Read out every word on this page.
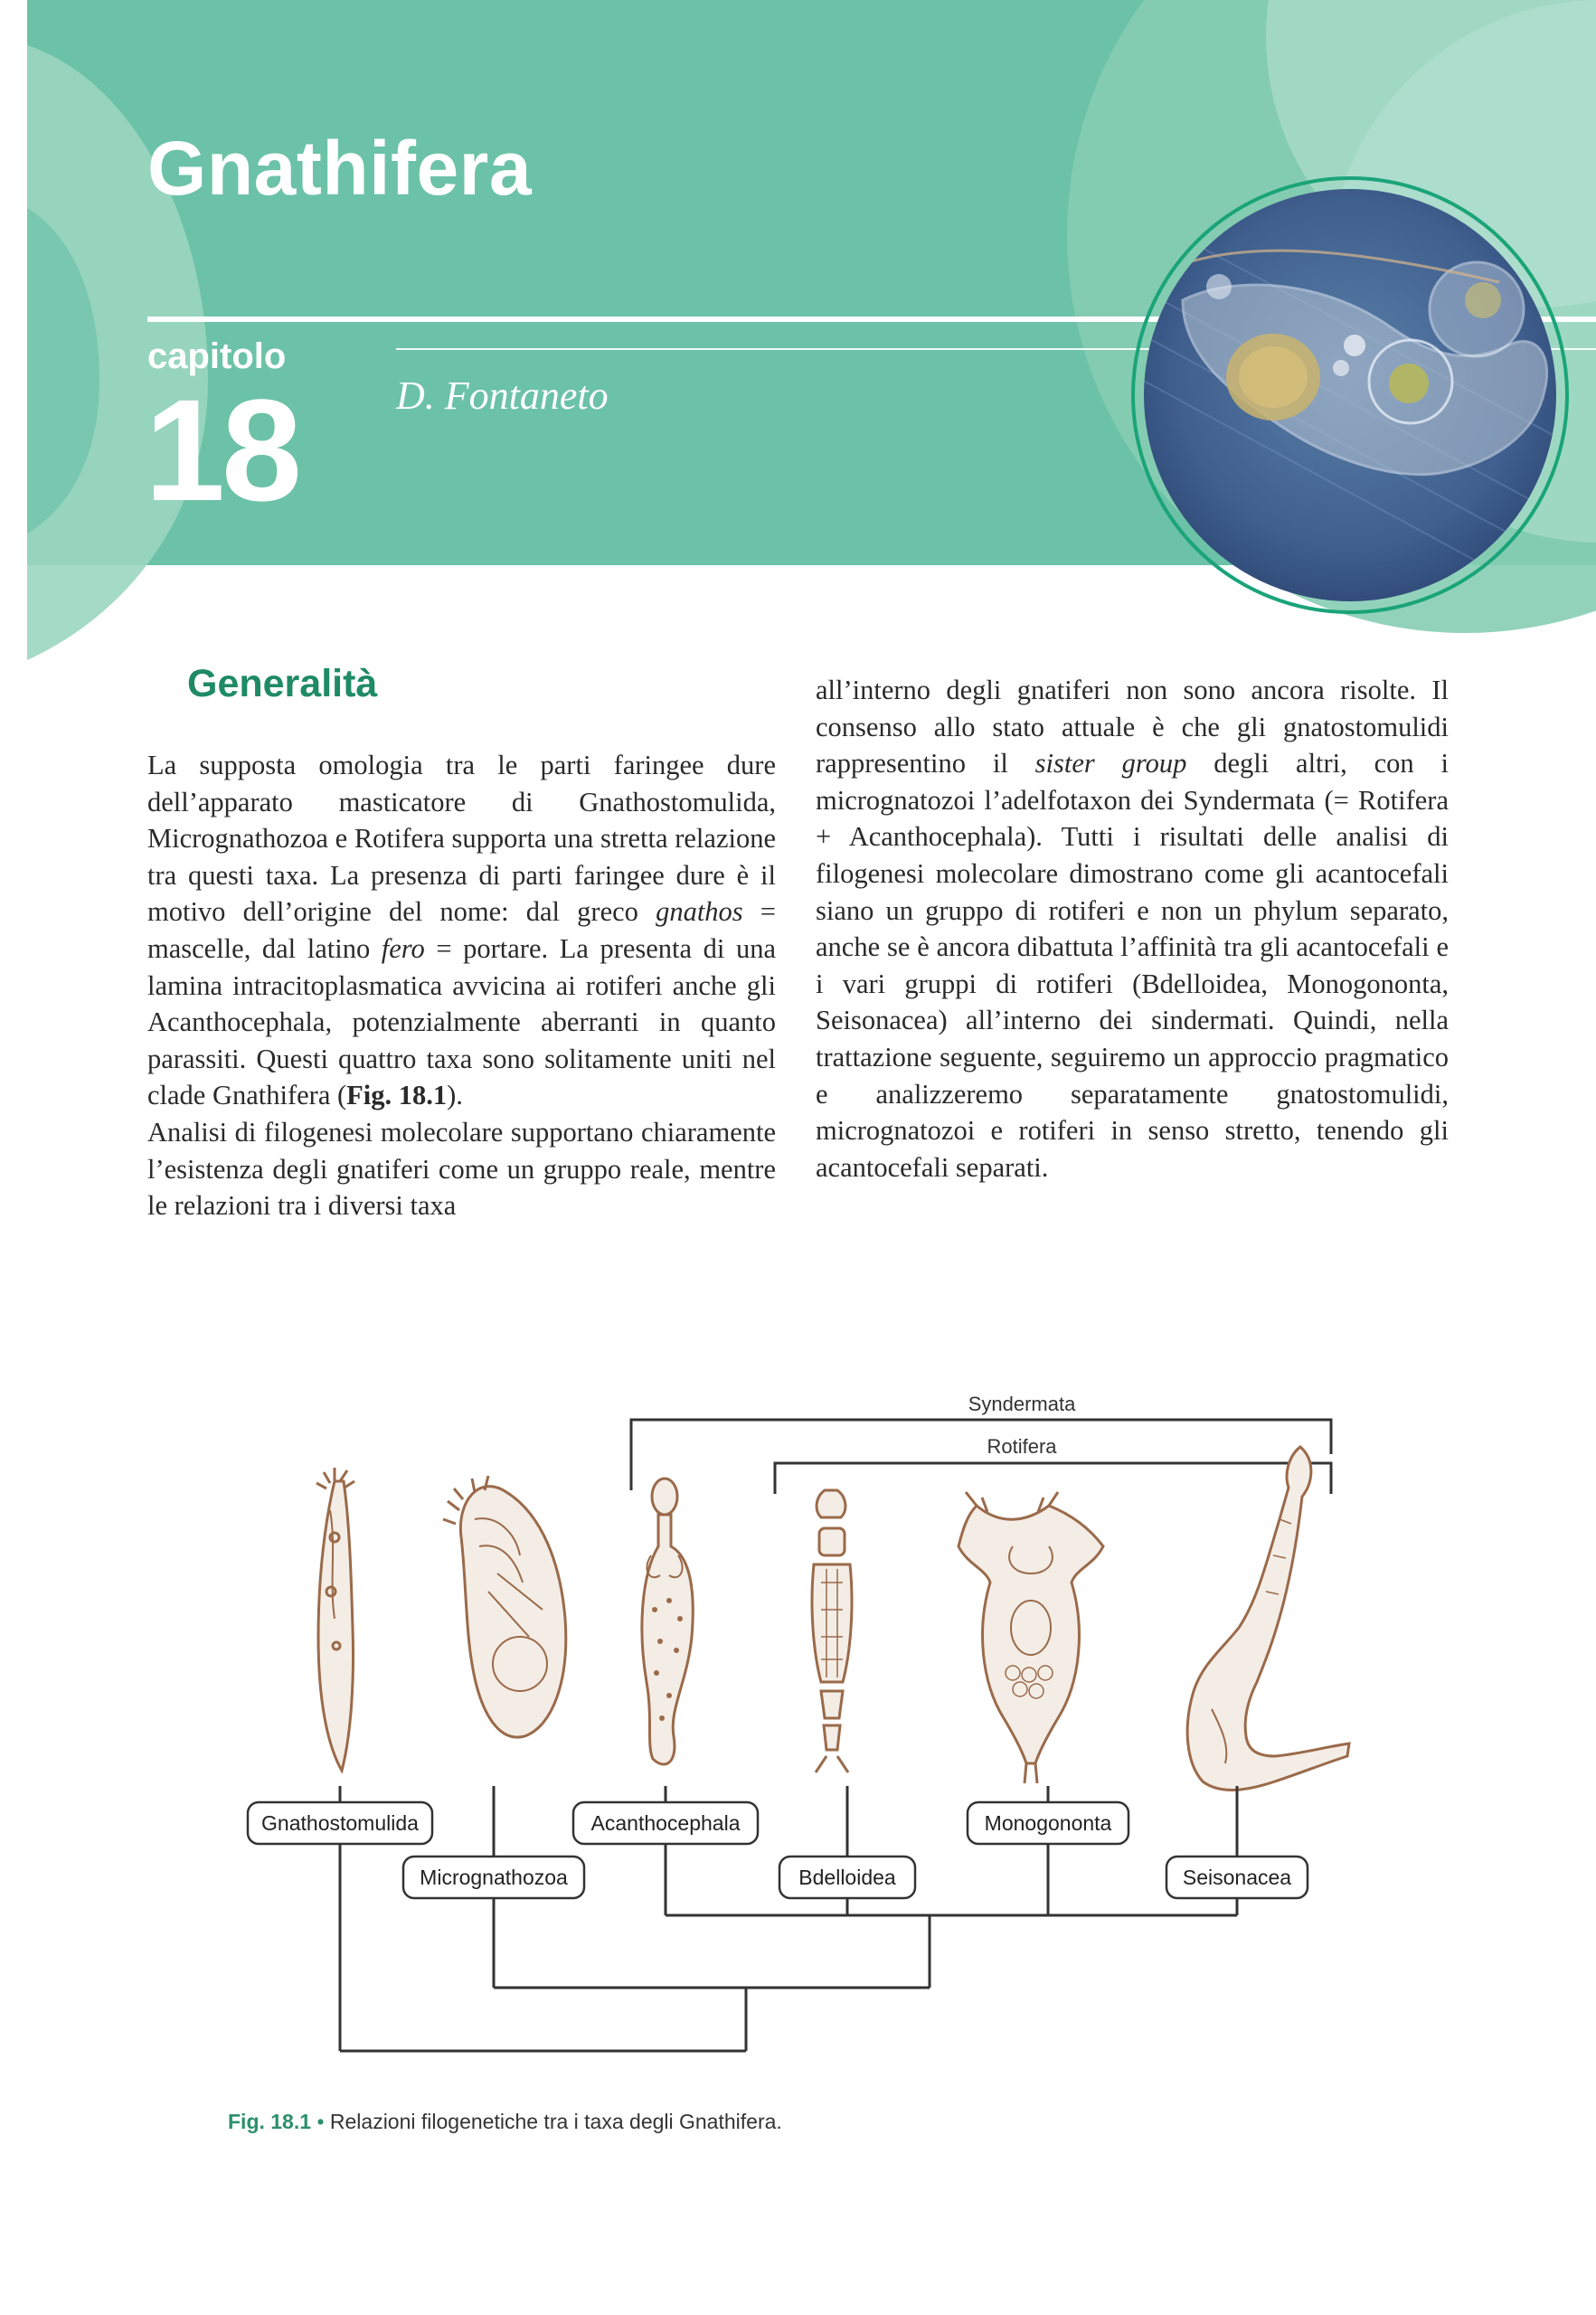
Gnathifera
capitolo
18 D. Fontaneto
Generalità

La supposta omologia tra le parti faringee dure dell’apparato masticatore di Gnathostomulida, Micrognathozoa e Rotifera supporta una stretta relazione tra questi taxa. La presenza di parti faringee dure è il motivo dell’origine del nome: dal greco gnathos = mascelle, dal latino fero = portare. La presenta di una lamina intracitoplasmatica avvicina ai rotiferi anche gli Acanthocephala, potenzialmente aberranti in quanto parassiti. Questi quattro taxa sono solitamente uniti nel clade Gnathifera (Fig. 18.1).

Analisi di filogenesi molecolare supportano chiaramente l’esistenza degli gnatiferi come un gruppo reale, mentre le relazioni tra i diversi taxa

all’interno degli gnatiferi non sono ancora risolte. Il consenso allo stato attuale è che gli gnatostomulidi rappresentino il sister group degli altri, con i micrognatozoi l’adelfotaxon dei Syndermata (= Rotifera + Acanthocephala). Tutti i risultati delle analisi di filogenesi molecolare dimostrano come gli acantocefali siano un gruppo di rotiferi e non un phylum separato, anche se è ancora dibattuta l’affinità tra gli acantocefali e i vari gruppi di rotiferi (Bdelloidea, Monogononta, Seisonacea) all’interno dei sindermati. Quindi, nella trattazione seguente, seguiremo un approccio pragmatico e analizzeremo separatamente gnatostomulidi, micrognatozoi e rotiferi in senso stretto, tenendo gli acantocefali separati.

Syndermata
Rotifera
Gnathostomulida
Micrognathozoa
Acanthocephala
Bdelloidea
Monogononta
Seisonacea
Fig. 18.1 • Relazioni filogenetiche tra i taxa degli Gnathifera.
